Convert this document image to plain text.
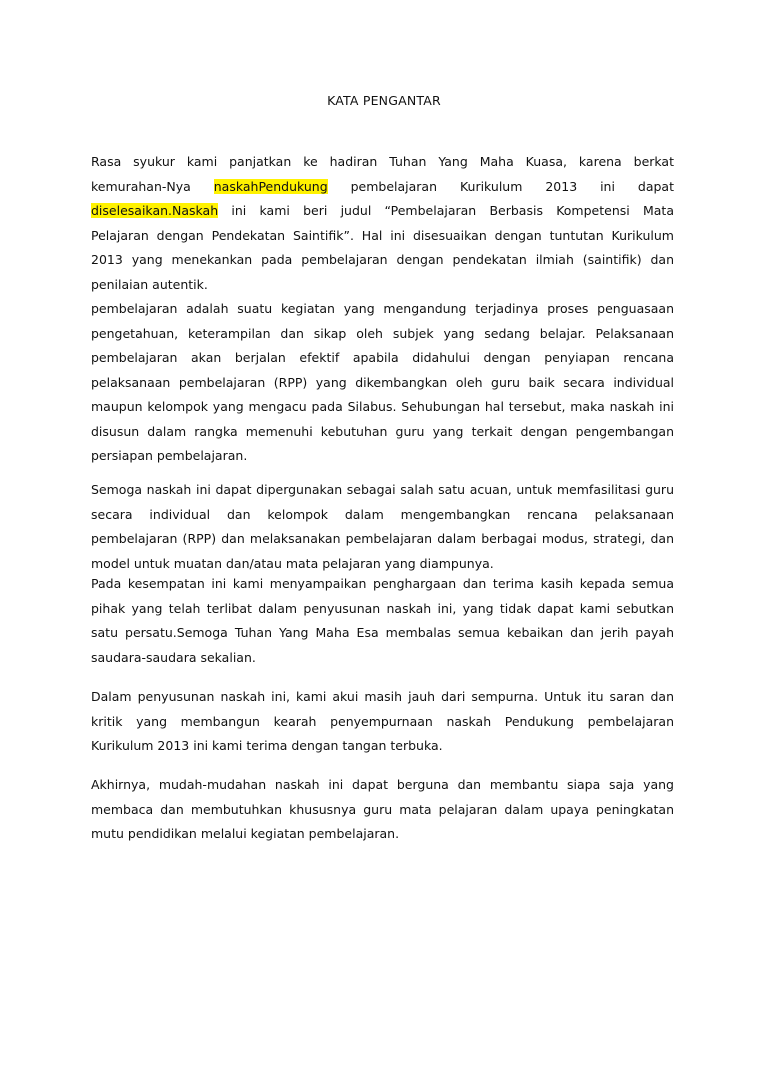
KATA PENGANTAR
Rasa syukur kami panjatkan ke hadiran Tuhan Yang Maha Kuasa, karena berkat
kemurahan-Nya naskahPendukung pembelajaran Kurikulum 2013 ini dapat
diselesaikan.Naskah ini kami beri judul “Pembelajaran Berbasis Kompetensi Mata
Pelajaran dengan Pendekatan Saintifik”. Hal ini disesuaikan dengan tuntutan Kurikulum
2013 yang menekankan pada pembelajaran dengan pendekatan ilmiah (saintifik) dan
penilaian autentik.
pembelajaran adalah suatu kegiatan yang mengandung terjadinya proses penguasaan
pengetahuan, keterampilan dan sikap oleh subjek yang sedang belajar. Pelaksanaan
pembelajaran akan berjalan efektif apabila didahului dengan penyiapan rencana
pelaksanaan pembelajaran (RPP) yang dikembangkan oleh guru baik secara individual
maupun kelompok yang mengacu pada Silabus. Sehubungan hal tersebut, maka naskah ini
disusun dalam rangka memenuhi kebutuhan guru yang terkait dengan pengembangan
persiapan pembelajaran.
Semoga naskah ini dapat dipergunakan sebagai salah satu acuan, untuk memfasilitasi guru
secara individual dan kelompok dalam mengembangkan rencana pelaksanaan
pembelajaran (RPP) dan melaksanakan pembelajaran dalam berbagai modus, strategi, dan
model untuk muatan dan/atau mata pelajaran yang diampunya.
Pada kesempatan ini kami menyampaikan penghargaan dan terima kasih kepada semua
pihak yang telah terlibat dalam penyusunan naskah ini, yang tidak dapat kami sebutkan
satu persatu.Semoga Tuhan Yang Maha Esa membalas semua kebaikan dan jerih payah
saudara-saudara sekalian.
Dalam penyusunan naskah ini, kami akui masih jauh dari sempurna. Untuk itu saran dan
kritik yang membangun kearah penyempurnaan naskah Pendukung pembelajaran
Kurikulum 2013 ini kami terima dengan tangan terbuka.
Akhirnya, mudah-mudahan naskah ini dapat berguna dan membantu siapa saja yang
membaca dan membutuhkan khususnya guru mata pelajaran dalam upaya peningkatan
mutu pendidikan melalui kegiatan pembelajaran.
